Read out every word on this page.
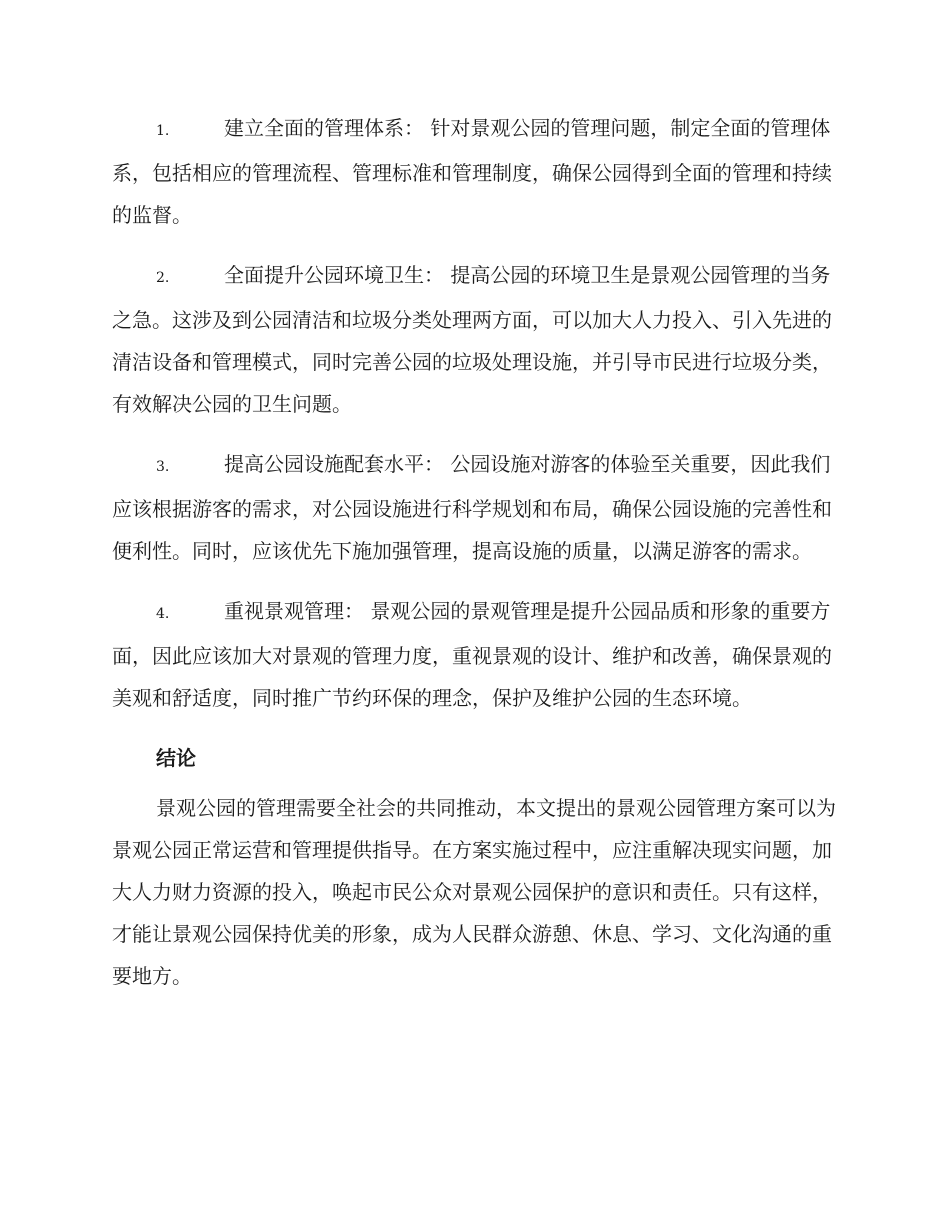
1.	建立全面的管理体系： 针对景观公园的管理问题，制定全面的管理体系，包括相应的管理流程、管理标准和管理制度，确保公园得到全面的管理和持续的监督。

2.	全面提升公园环境卫生： 提高公园的环境卫生是景观公园管理的当务之急。这涉及到公园清洁和垃圾分类处理两方面，可以加大人力投入、引入先进的清洁设备和管理模式，同时完善公园的垃圾处理设施，并引导市民进行垃圾分类，有效解决公园的卫生问题。

3.	提高公园设施配套水平： 公园设施对游客的体验至关重要，因此我们应该根据游客的需求，对公园设施进行科学规划和布局，确保公园设施的完善性和便利性。同时，应该优先下施加强管理，提高设施的质量，以满足游客的需求。

4.	重视景观管理： 景观公园的景观管理是提升公园品质和形象的重要方面，因此应该加大对景观的管理力度，重视景观的设计、维护和改善，确保景观的美观和舒适度，同时推广节约环保的理念，保护及维护公园的生态环境。

结论

景观公园的管理需要全社会的共同推动，本文提出的景观公园管理方案可以为景观公园正常运营和管理提供指导。在方案实施过程中，应注重解决现实问题，加大人力财力资源的投入，唤起市民公众对景观公园保护的意识和责任。只有这样，才能让景观公园保持优美的形象，成为人民群众游憩、休息、学习、文化沟通的重要地方。
